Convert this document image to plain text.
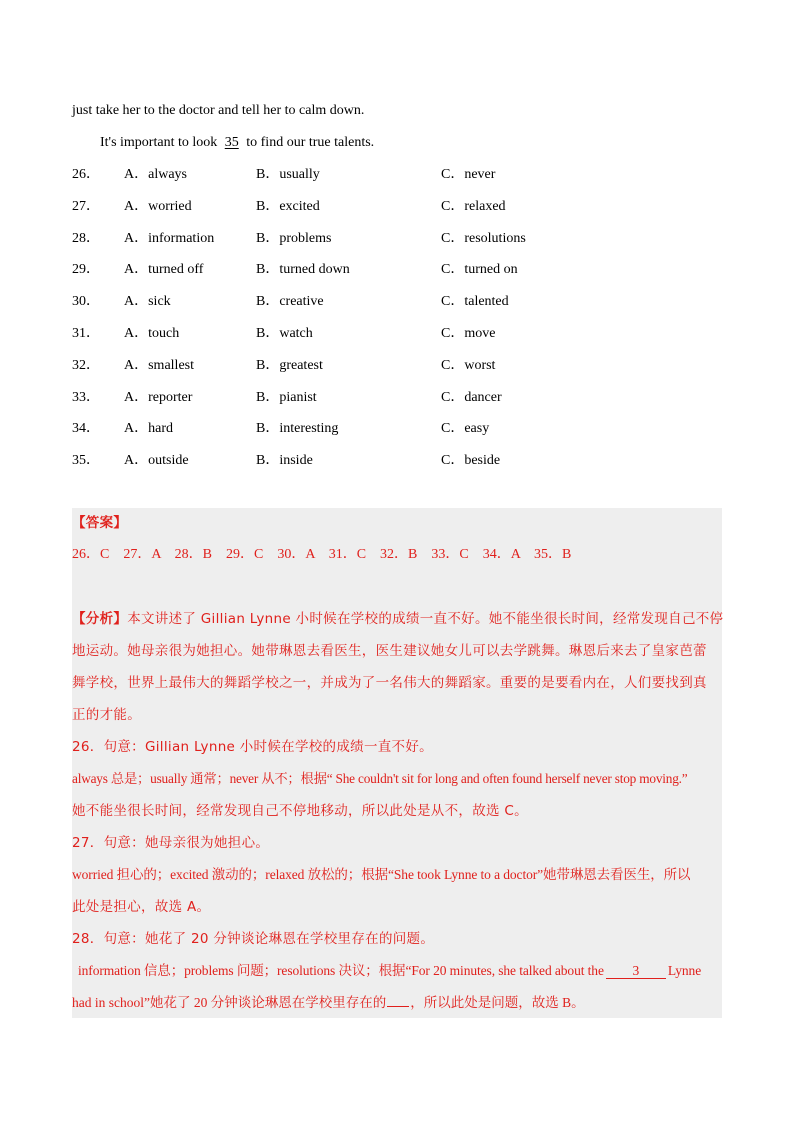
just take her to the doctor and tell her to calm down.
It's important to look 35 to find our true talents.
26． A．always	B．usually	C．never
27． A．worried	B．excited	C．relaxed
28． A．information	B．problems	C．resolutions
29． A．turned off	B．turned down	C．turned on
30． A．sick	B．creative	C．talented
31． A．touch	B．watch	C．move
32． A．smallest	B．greatest	C．worst
33． A．reporter	B．pianist	C．dancer
34． A．hard	B．interesting	C．easy
35． A．outside	B．inside	C．beside
【答案】
26．C　27．A　28．B　29．C　30．A　31．C　32．B　33．C　34．A　35．B
【分析】本文讲述了 Gillian Lynne 小时候在学校的成绩一直不好。她不能坐很长时间，经常发现自己不停
地运动。她母亲很为她担心。她带琳恩去看医生，医生建议她女儿可以去学跳舞。琳恩后来去了皇家芭蕾
舞学校，世界上最伟大的舞蹈学校之一，并成为了一名伟大的舞蹈家。重要的是要看内在，人们要找到真
正的才能。
26．句意：Gillian Lynne 小时候在学校的成绩一直不好。
always 总是；usually 通常；never 从不；根据“ She couldn't sit for long and often found herself never stop moving.”
她不能坐很长时间，经常发现自己不停地移动，所以此处是从不，故选 C。
27．句意：她母亲很为她担心。
worried 担心的；excited 激动的；relaxed 放松的；根据“She took Lynne to a doctor”她带琳恩去看医生，所以
此处是担心，故选 A。
28．句意：她花了 20 分钟谈论琳恩在学校里存在的问题。
information 信息；problems 问题；resolutions 决议；根据“For 20 minutes, she talked about the 3 Lynne
had in school”她花了 20 分钟谈论琳恩在学校里存在的 ，所以此处是问题，故选 B。
